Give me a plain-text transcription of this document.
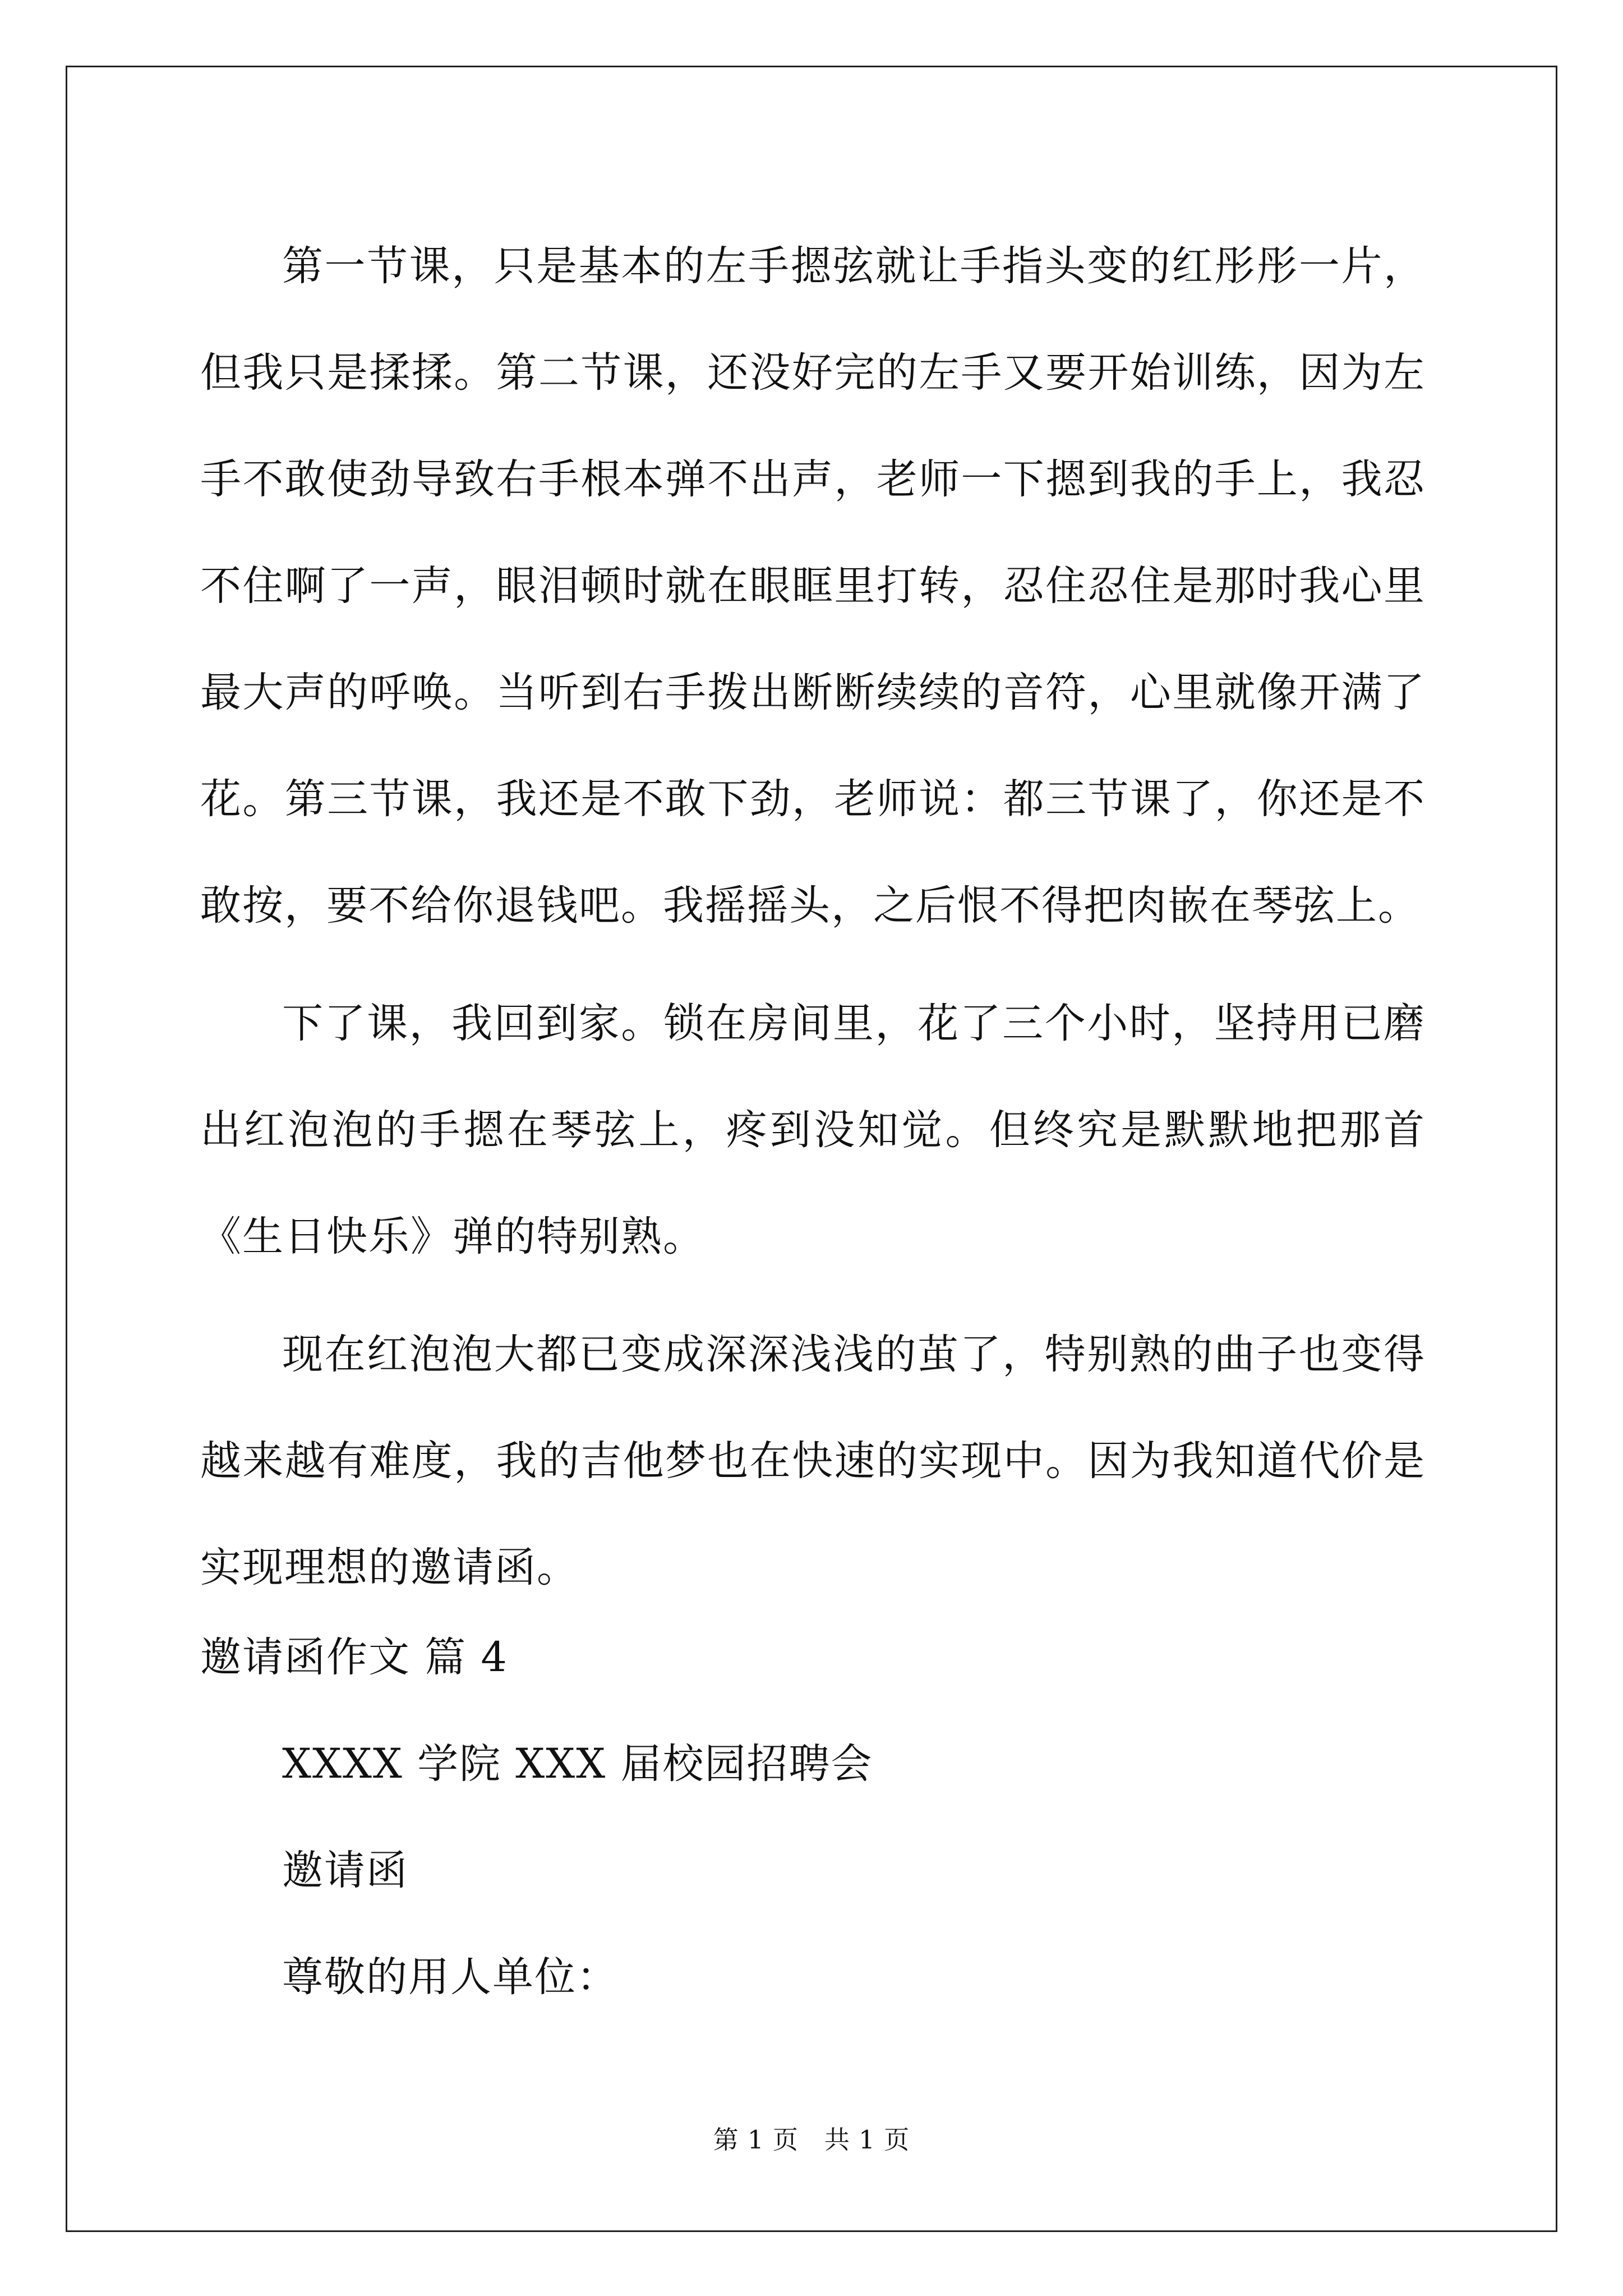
第一节课，只是基本的左手摁弦就让手指头变的红彤彤一片，但我只是揉揉。第二节课，还没好完的左手又要开始训练，因为左手不敢使劲导致右手根本弹不出声，老师一下摁到我的手上，我忍不住啊了一声，眼泪顿时就在眼眶里打转，忍住忍住是那时我心里最大声的呼唤。当听到右手拨出断断续续的音符，心里就像开满了花。第三节课，我还是不敢下劲，老师说：都三节课了，你还是不敢按，要不给你退钱吧。我摇摇头，之后恨不得把肉嵌在琴弦上。

下了课，我回到家。锁在房间里，花了三个小时，坚持用已磨出红泡泡的手摁在琴弦上，疼到没知觉。但终究是默默地把那首《生日快乐》弹的特别熟。

现在红泡泡大都已变成深深浅浅的茧了，特别熟的曲子也变得越来越有难度，我的吉他梦也在快速的实现中。因为我知道代价是实现理想的邀请函。

邀请函作文 篇 4

XXXX 学院 XXX 届校园招聘会

邀请函

尊敬的用人单位：

第 1 页　共 1 页
